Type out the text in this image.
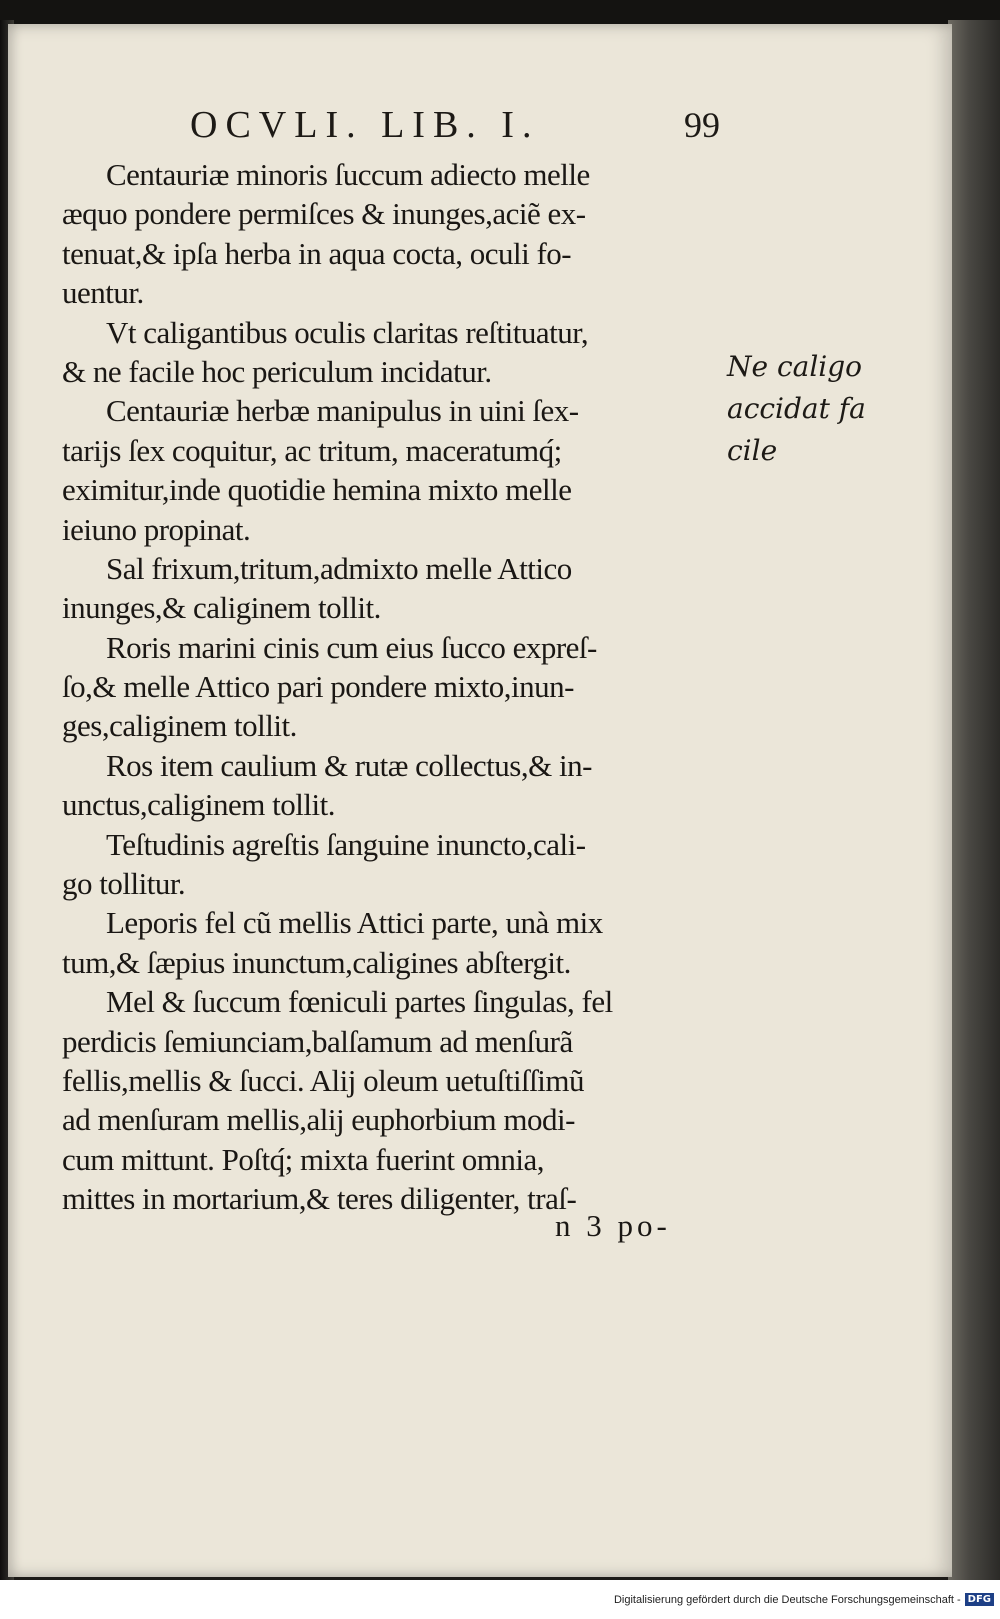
OCVLI. LIB. I.	99
Centauriæ minoris ſuccum adiecto melle
æquo pondere permiſces & inunges,aciẽ ex-
tenuat,& ipſa herba in aqua cocta, oculi fo-
uentur.
Vt caligantibus oculis claritas reſtituatur,
& ne facile hoc periculum incidatur.
Centauriæ herbæ manipulus in uini ſex-
tarijs ſex coquitur, ac tritum, maceratumq́;
eximitur,inde quotidie hemina mixto melle
ieiuno propinat.
Sal frixum,tritum,admixto melle Attico
inunges,& caliginem tollit.
Roris marini cinis cum eius ſucco expreſ-
ſo,& melle Attico pari pondere mixto,inun-
ges,caliginem tollit.
Ros item caulium & rutæ collectus,& in-
unctus,caliginem tollit.
Teſtudinis agreſtis ſanguine inuncto,cali-
go tollitur.
Leporis fel cũ mellis Attici parte, unà mix
tum,& ſæpius inunctum,caligines abſtergit.
Mel & ſuccum fœniculi partes ſingulas, fel
perdicis ſemiunciam,balſamum ad menſurã
fellis,mellis & ſucci. Alij oleum uetuſtiſſimũ
ad menſuram mellis,alij euphorbium modi-
cum mittunt. Poſtq́; mixta fuerint omnia,
mittes in mortarium,& teres diligenter, traſ-
Ne caligo
accidat fa
cile
n 3 po-
Digitalisierung gefördert durch die Deutsche Forschungsgemeinschaft - DFG
